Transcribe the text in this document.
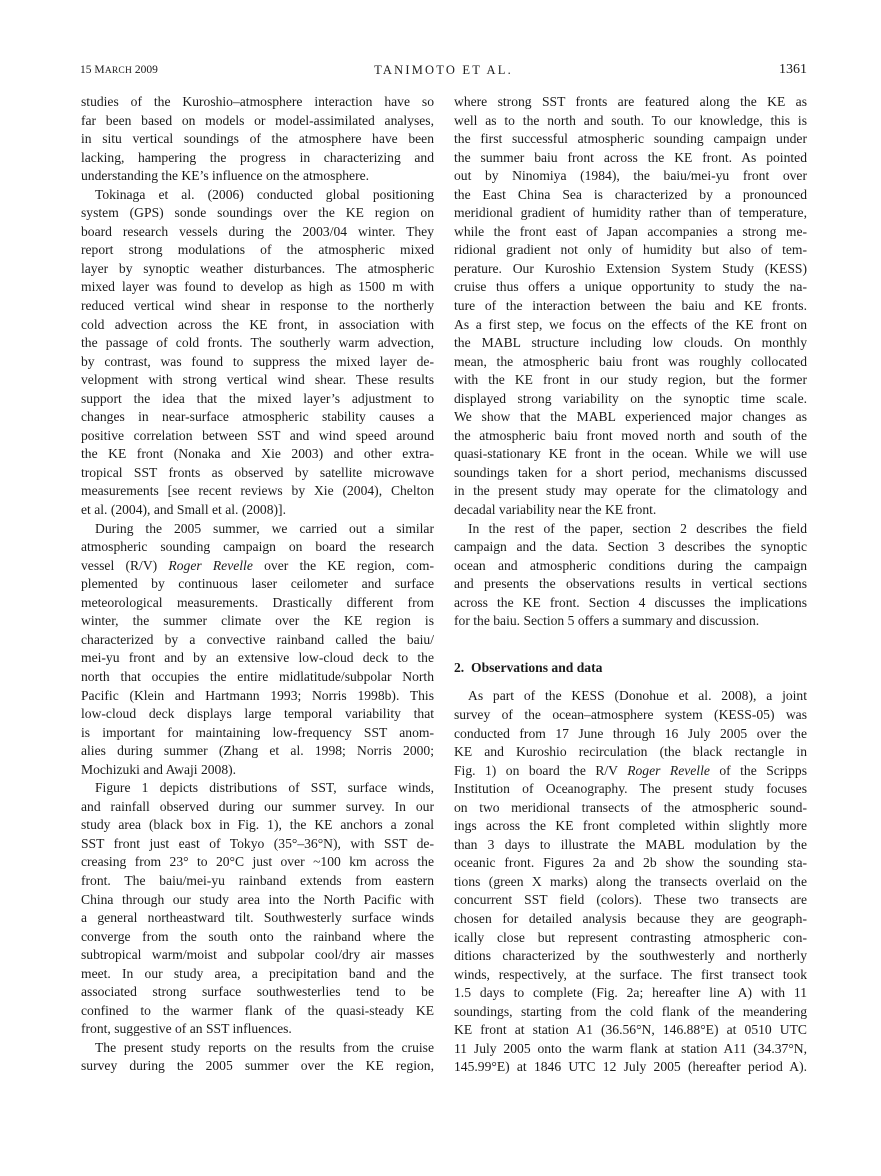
15 MARCH 2009	TANIMOTO ET AL.	1361

studies of the Kuroshio–atmosphere interaction have so
far been based on models or model-assimilated analyses,
in situ vertical soundings of the atmosphere have been
lacking, hampering the progress in characterizing and
understanding the KE’s influence on the atmosphere.

Tokinaga et al. (2006) conducted global positioning
system (GPS) sonde soundings over the KE region on
board research vessels during the 2003/04 winter. They
report strong modulations of the atmospheric mixed
layer by synoptic weather disturbances. The atmospheric
mixed layer was found to develop as high as 1500 m with
reduced vertical wind shear in response to the northerly
cold advection across the KE front, in association with
the passage of cold fronts. The southerly warm advection,
by contrast, was found to suppress the mixed layer de-
velopment with strong vertical wind shear. These results
support the idea that the mixed layer’s adjustment to
changes in near-surface atmospheric stability causes a
positive correlation between SST and wind speed around
the KE front (Nonaka and Xie 2003) and other extra-
tropical SST fronts as observed by satellite microwave
measurements [see recent reviews by Xie (2004), Chelton
et al. (2004), and Small et al. (2008)].

During the 2005 summer, we carried out a similar
atmospheric sounding campaign on board the research
vessel (R/V) Roger Revelle over the KE region, com-
plemented by continuous laser ceilometer and surface
meteorological measurements. Drastically different from
winter, the summer climate over the KE region is
characterized by a convective rainband called the baiu/
mei-yu front and by an extensive low-cloud deck to the
north that occupies the entire midlatitude/subpolar North
Pacific (Klein and Hartmann 1993; Norris 1998b). This
low-cloud deck displays large temporal variability that
is important for maintaining low-frequency SST anom-
alies during summer (Zhang et al. 1998; Norris 2000;
Mochizuki and Awaji 2008).

Figure 1 depicts distributions of SST, surface winds,
and rainfall observed during our summer survey. In our
study area (black box in Fig. 1), the KE anchors a zonal
SST front just east of Tokyo (35°–36°N), with SST de-
creasing from 23° to 20°C just over ~100 km across the
front. The baiu/mei-yu rainband extends from eastern
China through our study area into the North Pacific with
a general northeastward tilt. Southwesterly surface winds
converge from the south onto the rainband where the
subtropical warm/moist and subpolar cool/dry air masses
meet. In our study area, a precipitation band and the
associated strong surface southwesterlies tend to be
confined to the warmer flank of the quasi-steady KE
front, suggestive of an SST influences.

The present study reports on the results from the cruise
survey during the 2005 summer over the KE region,

where strong SST fronts are featured along the KE as
well as to the north and south. To our knowledge, this is
the first successful atmospheric sounding campaign under
the summer baiu front across the KE front. As pointed
out by Ninomiya (1984), the baiu/mei-yu front over
the East China Sea is characterized by a pronounced
meridional gradient of humidity rather than of temperature,
while the front east of Japan accompanies a strong me-
ridional gradient not only of humidity but also of tem-
perature. Our Kuroshio Extension System Study (KESS)
cruise thus offers a unique opportunity to study the na-
ture of the interaction between the baiu and KE fronts.
As a first step, we focus on the effects of the KE front on
the MABL structure including low clouds. On monthly
mean, the atmospheric baiu front was roughly collocated
with the KE front in our study region, but the former
displayed strong variability on the synoptic time scale.
We show that the MABL experienced major changes as
the atmospheric baiu front moved north and south of the
quasi-stationary KE front in the ocean. While we will use
soundings taken for a short period, mechanisms discussed
in the present study may operate for the climatology and
decadal variability near the KE front.

In the rest of the paper, section 2 describes the field
campaign and the data. Section 3 describes the synoptic
ocean and atmospheric conditions during the campaign
and presents the observations results in vertical sections
across the KE front. Section 4 discusses the implications
for the baiu. Section 5 offers a summary and discussion.

2.  Observations and data

As part of the KESS (Donohue et al. 2008), a joint
survey of the ocean–atmosphere system (KESS-05) was
conducted from 17 June through 16 July 2005 over the
KE and Kuroshio recirculation (the black rectangle in
Fig. 1) on board the R/V Roger Revelle of the Scripps
Institution of Oceanography. The present study focuses
on two meridional transects of the atmospheric sound-
ings across the KE front completed within slightly more
than 3 days to illustrate the MABL modulation by the
oceanic front. Figures 2a and 2b show the sounding sta-
tions (green X marks) along the transects overlaid on the
concurrent SST field (colors). These two transects are
chosen for detailed analysis because they are geograph-
ically close but represent contrasting atmospheric con-
ditions characterized by the southwesterly and northerly
winds, respectively, at the surface. The first transect took
1.5 days to complete (Fig. 2a; hereafter line A) with 11
soundings, starting from the cold flank of the meandering
KE front at station A1 (36.56°N, 146.88°E) at 0510 UTC
11 July 2005 onto the warm flank at station A11 (34.37°N,
145.99°E) at 1846 UTC 12 July 2005 (hereafter period A).
